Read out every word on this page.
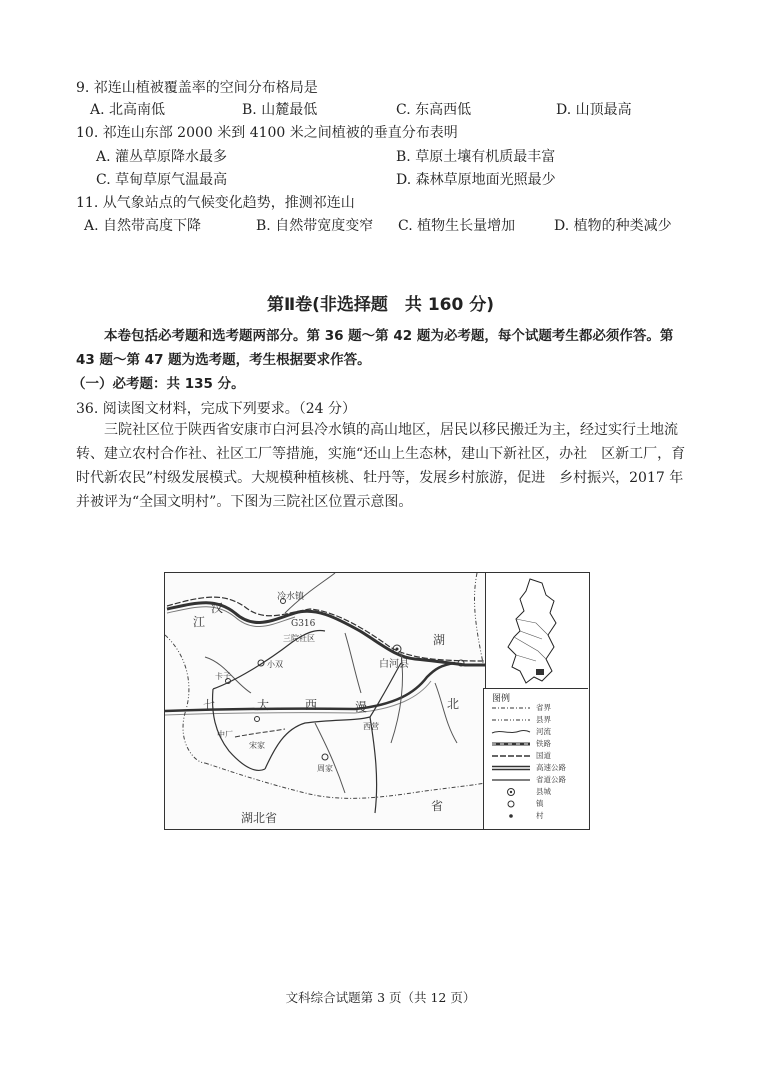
9. 祁连山植被覆盖率的空间分布格局是
A. 北高南低	B. 山麓最低	C. 东高西低	D. 山顶最高
10. 祁连山东部 2000 米到 4100 米之间植被的垂直分布表明
A. 灌丛草原降水最多	B. 草原土壤有机质最丰富
C. 草甸草原气温最高	D. 森林草原地面光照最少
11. 从气象站点的气候变化趋势，推测祁连山
A. 自然带高度下降	B. 自然带宽度变窄 C. 植物生长量增加	D. 植物的种类减少
第Ⅱ卷(非选择题　共 160 分)
本卷包括必考题和选考题两部分。第 36 题～第 42 题为必考题，每个试题考生都必须作答。第 43 题～第 47 题为选考题，考生根据要求作答。
（一）必考题：共 135 分。
36. 阅读图文材料，完成下列要求。（24 分）
三院社区位于陕西省安康市白河县冷水镇的高山地区，居民以移民搬迁为主，经过实行土地流转、建立农村合作社、社区工厂等措施，实施“还山上生态林，建山下新社区，办社　区新工厂，育时代新农民”村级发展模式。大规模种植核桃、牡丹等，发展乡村旅游，促进　乡村振兴，2017 年并被评为“全国文明村”。下图为三院社区位置示意图。
汉
江
冷水镇
G316
三院社区	湖
白河县
小双
七	大	西	漫	北
省
湖北省
宋家
卡子
中厂
西营
周家
图例
省界
县界
河流
铁路
国道
高速公路
省道公路
县城
镇
村
文科综合试题第 3 页（共 12 页）
